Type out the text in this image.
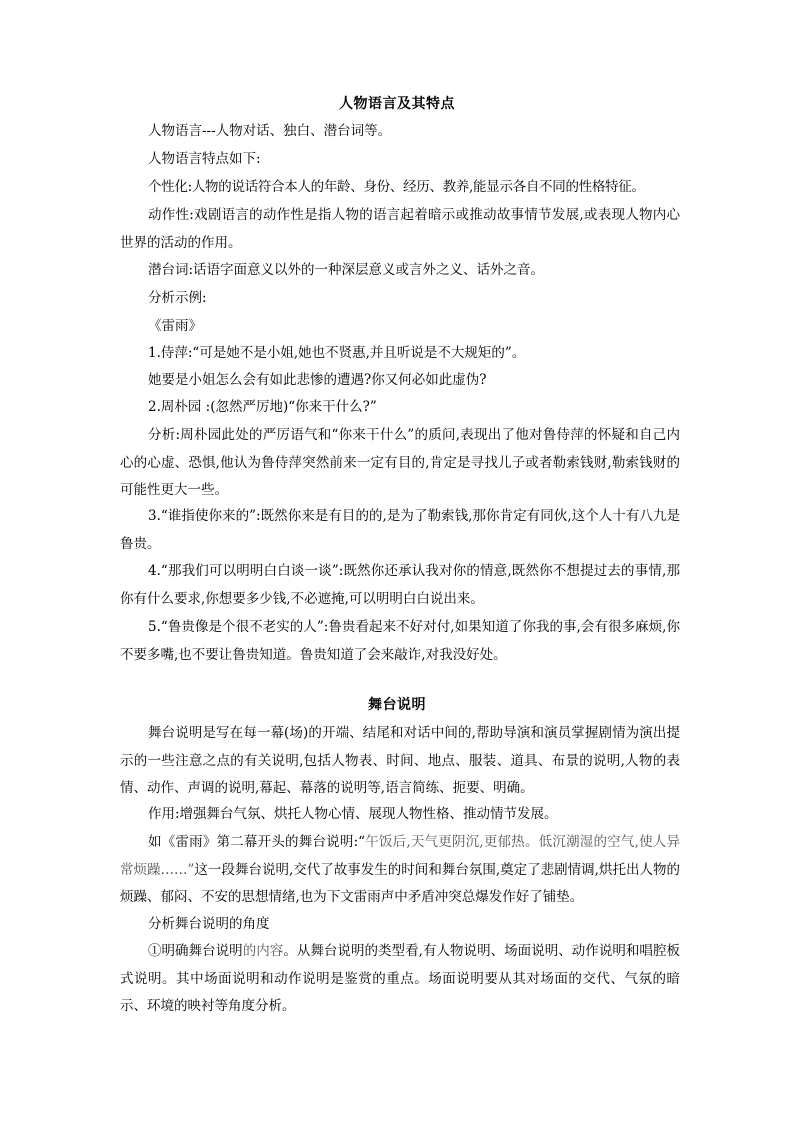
人物语言及其特点

人物语言---人物对话、独白、潜台词等。

人物语言特点如下:

个性化:人物的说话符合本人的年龄、身份、经历、教养,能显示各自不同的性格特征。

动作性:戏剧语言的动作性是指人物的语言起着暗示或推动故事情节发展,或表现人物内心世界的活动的作用。

潜台词:话语字面意义以外的一种深层意义或言外之义、话外之音。

分析示例:

《雷雨》

1.侍萍:“可是她不是小姐,她也不贤惠,并且听说是不大规矩的”。

她要是小姐怎么会有如此悲惨的遭遇?你又何必如此虚伪?

2.周朴园 :(忽然严厉地)“你来干什么?”

分析:周朴园此处的严厉语气和“你来干什么”的质问,表现出了他对鲁侍萍的怀疑和自己内心的心虚、恐惧,他认为鲁侍萍突然前来一定有目的,肯定是寻找儿子或者勒索钱财,勒索钱财的可能性更大一些。

3.“谁指使你来的”:既然你来是有目的的,是为了勒索钱,那你肯定有同伙,这个人十有八九是鲁贵。

4.“那我们可以明明白白谈一谈”:既然你还承认我对你的情意,既然你不想提过去的事情,那你有什么要求,你想要多少钱,不必遮掩,可以明明白白说出来。

5.“鲁贵像是个很不老实的人”:鲁贵看起来不好对付,如果知道了你我的事,会有很多麻烦,你不要多嘴,也不要让鲁贵知道。鲁贵知道了会来敲诈,对我没好处。

舞台说明

舞台说明是写在每一幕(场)的开端、结尾和对话中间的,帮助导演和演员掌握剧情为演出提示的一些注意之点的有关说明,包括人物表、时间、地点、服装、道具、布景的说明,人物的表情、动作、声调的说明,幕起、幕落的说明等,语言简练、扼要、明确。

作用:增强舞台气氛、烘托人物心情、展现人物性格、推动情节发展。

如《雷雨》第二幕开头的舞台说明:“午饭后,天气更阴沉,更郁热。低沉潮湿的空气,使人异常烦躁……”这一段舞台说明,交代了故事发生的时间和舞台氛围,奠定了悲剧情调,烘托出人物的烦躁、郁闷、不安的思想情绪,也为下文雷雨声中矛盾冲突总爆发作好了铺垫。

分析舞台说明的角度

①明确舞台说明的内容。从舞台说明的类型看,有人物说明、场面说明、动作说明和唱腔板式说明。其中场面说明和动作说明是鉴赏的重点。场面说明要从其对场面的交代、气氛的暗示、环境的映衬等角度分析。
